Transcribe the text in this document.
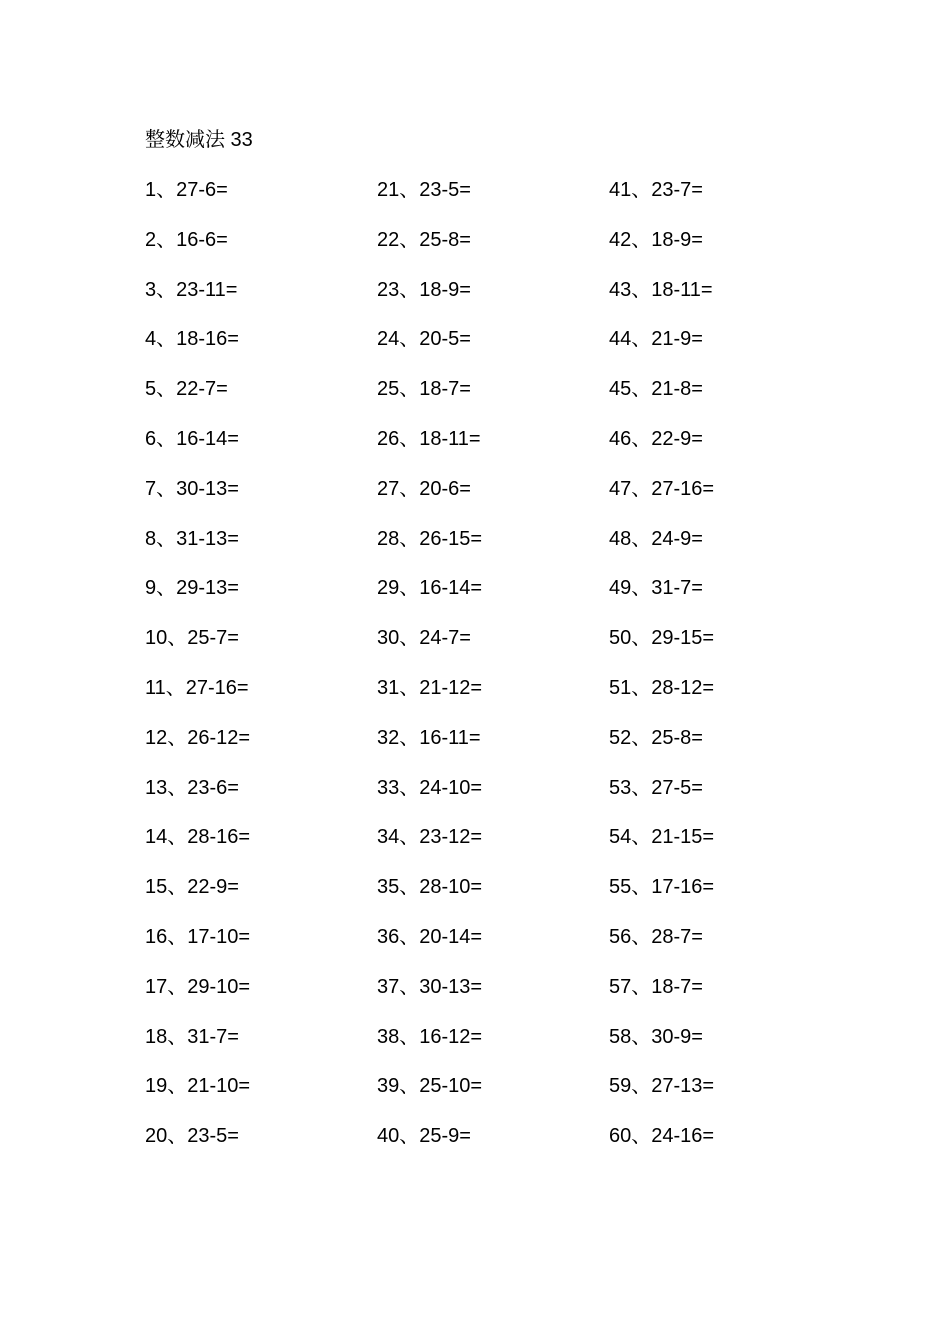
整数减法 33
1、27-6=
2、16-6=
3、23-11=
4、18-16=
5、22-7=
6、16-14=
7、30-13=
8、31-13=
9、29-13=
10、25-7=
11、27-16=
12、26-12=
13、23-6=
14、28-16=
15、22-9=
16、17-10=
17、29-10=
18、31-7=
19、21-10=
20、23-5=
21、23-5=
22、25-8=
23、18-9=
24、20-5=
25、18-7=
26、18-11=
27、20-6=
28、26-15=
29、16-14=
30、24-7=
31、21-12=
32、16-11=
33、24-10=
34、23-12=
35、28-10=
36、20-14=
37、30-13=
38、16-12=
39、25-10=
40、25-9=
41、23-7=
42、18-9=
43、18-11=
44、21-9=
45、21-8=
46、22-9=
47、27-16=
48、24-9=
49、31-7=
50、29-15=
51、28-12=
52、25-8=
53、27-5=
54、21-15=
55、17-16=
56、28-7=
57、18-7=
58、30-9=
59、27-13=
60、24-16=
